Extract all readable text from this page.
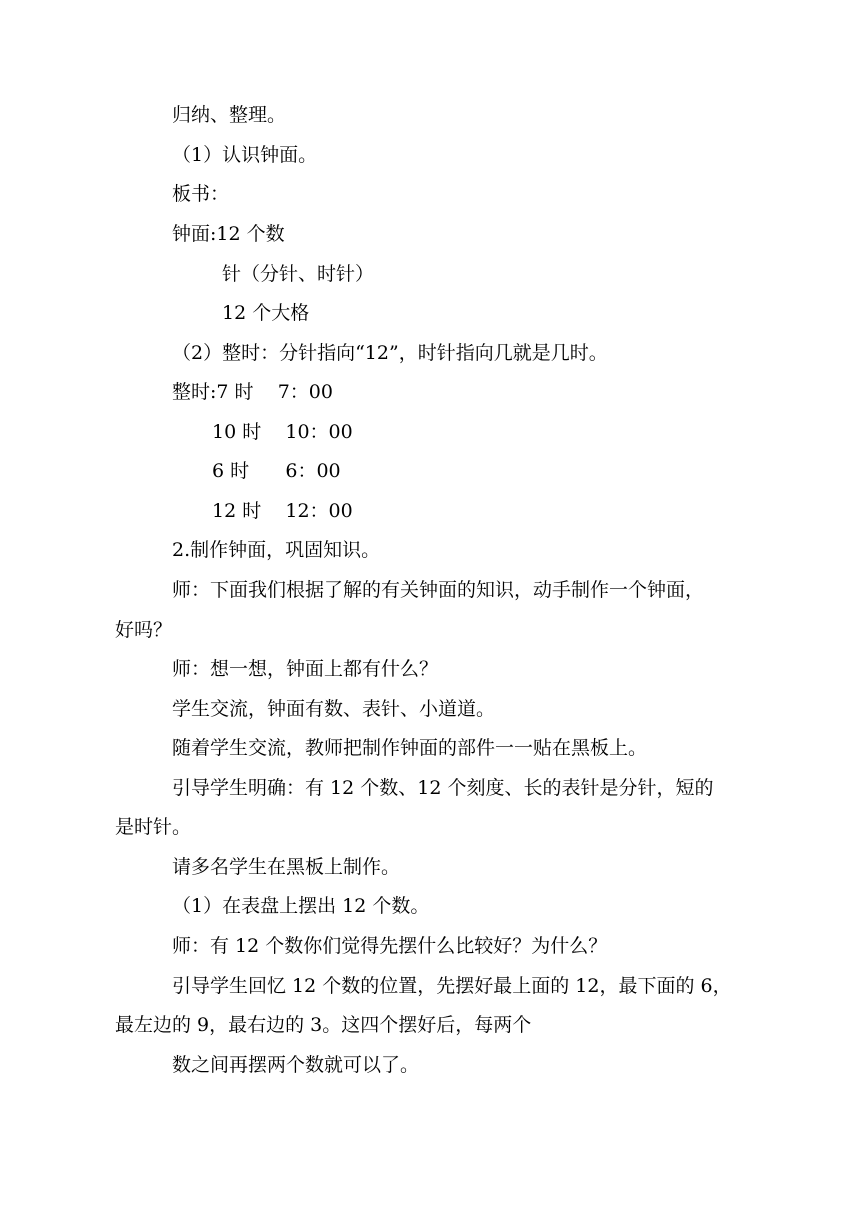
归纳、整理。
（1）认识钟面。
板书：
钟面:12 个数
针（分针、时针）
12 个大格
（2）整时：分针指向“12”，时针指向几就是几时。
整时:7 时    7：00
10 时    10：00
6 时      6：00
12 时    12：00
2.制作钟面，巩固知识。
师：下面我们根据了解的有关钟面的知识，动手制作一个钟面，
好吗？
师：想一想，钟面上都有什么？
学生交流，钟面有数、表针、小道道。
随着学生交流，教师把制作钟面的部件一一贴在黑板上。
引导学生明确：有 12 个数、12 个刻度、长的表针是分针，短的
是时针。
请多名学生在黑板上制作。
（1）在表盘上摆出 12 个数。
师：有 12 个数你们觉得先摆什么比较好？为什么？
引导学生回忆 12 个数的位置，先摆好最上面的 12，最下面的 6，
最左边的 9，最右边的 3。这四个摆好后，每两个
数之间再摆两个数就可以了。
